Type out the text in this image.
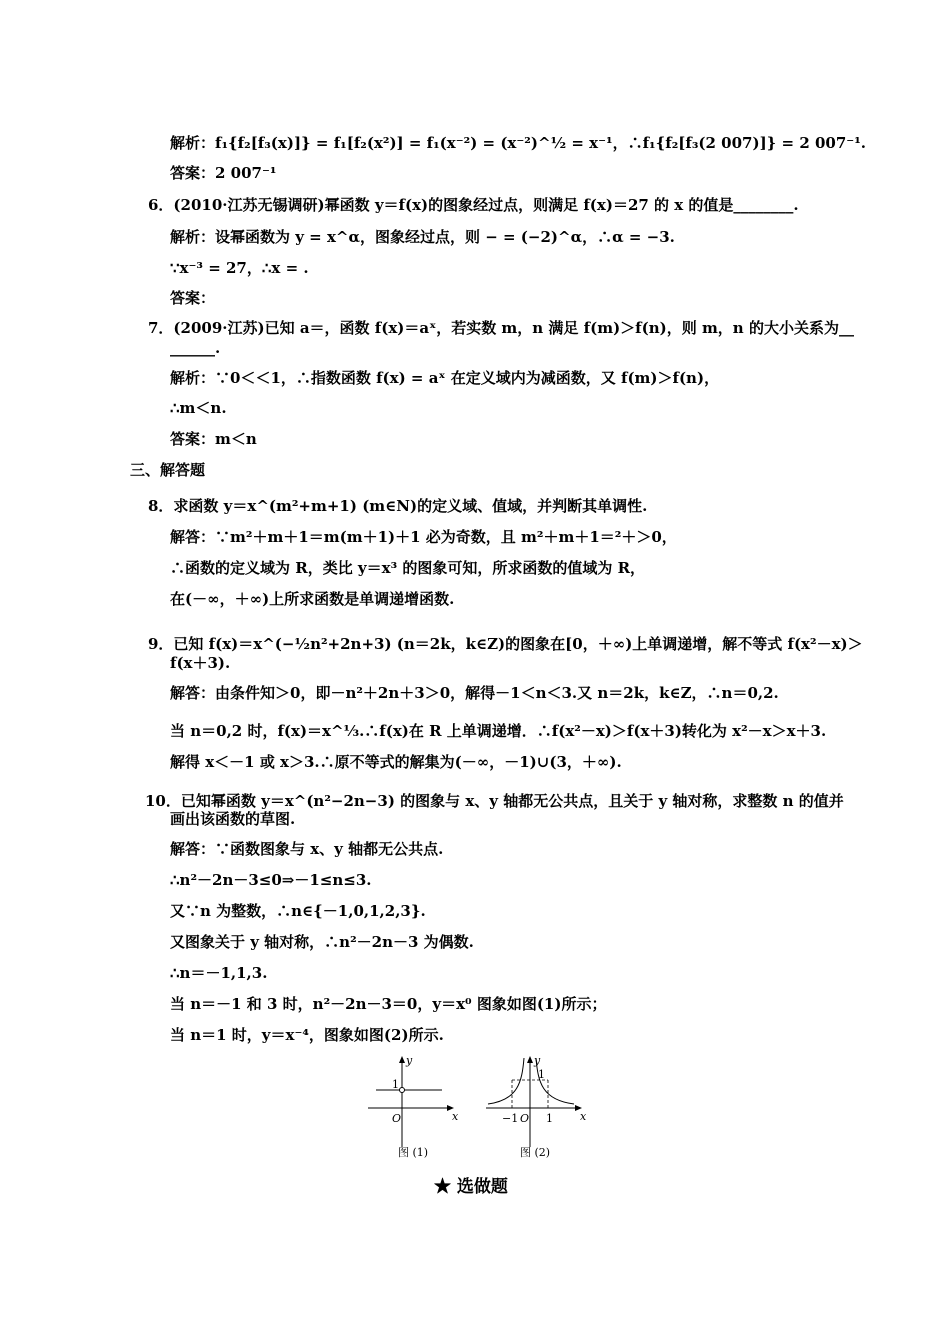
解析：f₁{f₂[f₃(x)]} = f₁[f₂(x²)] = f₁(x⁻²) = (x⁻²)^½ = x⁻¹，∴f₁{f₂[f₃(2 007)]} = 2 007⁻¹.
答案：2 007⁻¹
6．(2010·江苏无锡调研)幂函数 y＝f(x)的图象经过点，则满足 f(x)＝27 的 x 的值是________.
解析：设幂函数为 y = x^α，图象经过点，则 − = (−2)^α，∴α = −3.
∵x⁻³ = 27，∴x = .
答案：
7．(2009·江苏)已知 a＝，函数 f(x)＝aˣ，若实数 m，n 满足 f(m)＞f(n)，则 m，n 的大小关系为__
______.
解析：∵0＜＜1，∴指数函数 f(x) = aˣ 在定义域内为减函数，又 f(m)＞f(n)，
∴m＜n.
答案：m＜n
三、解答题
8．求函数 y＝x^(m²+m+1) (m∈N)的定义域、值域，并判断其单调性.
解答：∵m²＋m＋1＝m(m＋1)＋1 必为奇数，且 m²＋m＋1＝²＋＞0，
∴函数的定义域为 R，类比 y＝x³ 的图象可知，所求函数的值域为 R，
在(－∞，＋∞)上所求函数是单调递增函数.
9．已知 f(x)＝x^(−½n²+2n+3) (n＝2k，k∈Z)的图象在[0，＋∞)上单调递增，解不等式 f(x²－x)＞
f(x＋3).
解答：由条件知＞0，即－n²＋2n＋3＞0，解得－1＜n＜3.又 n＝2k，k∈Z，∴n＝0,2.
当 n＝0,2 时，f(x)＝x^⅓.∴f(x)在 R 上单调递增．∴f(x²－x)＞f(x＋3)转化为 x²－x＞x＋3.
解得 x＜－1 或 x＞3.∴原不等式的解集为(－∞，－1)∪(3，＋∞).
10．已知幂函数 y＝x^(n²−2n−3) 的图象与 x、y 轴都无公共点，且关于 y 轴对称，求整数 n 的值并
画出该函数的草图.
解答：∵函数图象与 x、y 轴都无公共点.
∴n²－2n－3≤0⇒－1≤n≤3.
又∵n 为整数，∴n∈{－1,0,1,2,3}.
又图象关于 y 轴对称，∴n²－2n－3 为偶数.
∴n＝－1,1,3.
当 n＝－1 和 3 时，n²－2n－3＝0，y＝x⁰ 图象如图(1)所示；
当 n＝1 时，y＝x⁻⁴，图象如图(2)所示.
y
x
O
1
图 (1)
y
x
O
1
−1	1
图 (2)
★ 选做题
